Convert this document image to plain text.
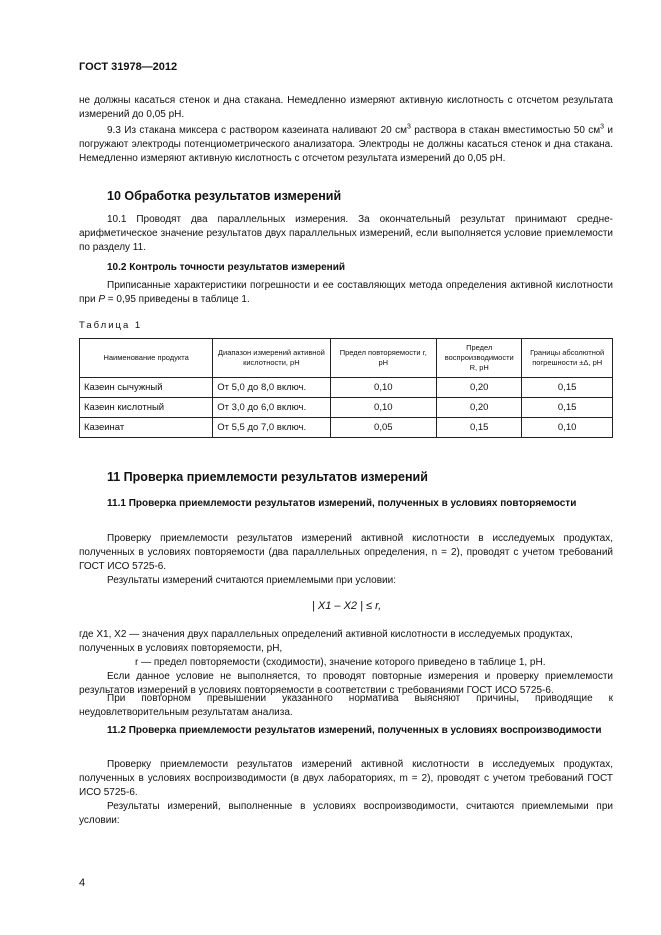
ГОСТ 31978—2012
не должны касаться стенок и дна стакана. Немедленно измеряют активную кислотность с отсчетом результата измерений до 0,05 pH.
9.3 Из стакана миксера с раствором казеината наливают 20 $см^3$ раствора в стакан вместимостью 50 $см^3$ и погружают электроды потенциометрического анализатора. Электроды не должны касаться стенок и дна стакана. Немедленно измеряют активную кислотность с отсчетом результата измерений до 0,05 pH.
10 Обработка результатов измерений
10.1 Проводят два параллельных измерения. За окончательный результат принимают средне-арифметическое значение результатов двух параллельных измерений, если выполняется условие приемлемости по разделу 11.
10.2 Контроль точности результатов измерений
Приписанные характеристики погрешности и ее составляющих метода определения активной кислотности при P = 0,95 приведены в таблице 1.
Таблица 1
Наименование продукта	Диапазон измерений активной кислотности, pH	Предел повторяемости r, pH	Предел воспроизводимости R, pH	Границы абсолютной погрешности ±Δ, pH
Казеин сычужный	От 5,0 до 8,0 включ.	0,10	0,20	0,15
Казеин кислотный	От 3,0 до 6,0 включ.	0,10	0,20	0,15
Казеинат	От 5,5 до 7,0 включ.	0,05	0,15	0,10
11 Проверка приемлемости результатов измерений
11.1 Проверка приемлемости результатов измерений, полученных в условиях повторяемости
Проверку приемлемости результатов измерений активной кислотности в исследуемых продуктах, полученных в условиях повторяемости (два параллельных определения, n = 2), проводят с учетом требований ГОСТ ИСО 5725-6.
Результаты измерений считаются приемлемыми при условии:
| X1 – X2 | ≤ r,
где X1, X2 — значения двух параллельных определений активной кислотности в исследуемых продуктах, полученных в условиях повторяемости, pH,
r — предел повторяемости (сходимости), значение которого приведено в таблице 1, pH.
Если данное условие не выполняется, то проводят повторные измерения и проверку приемлемости результатов измерений в условиях повторяемости в соответствии с требованиями ГОСТ ИСО 5725-6.
При повторном превышении указанного норматива выясняют причины, приводящие к неудовлетворительным результатам анализа.
11.2 Проверка приемлемости результатов измерений, полученных в условиях воспроизводимости
Проверку приемлемости результатов измерений активной кислотности в исследуемых продуктах, полученных в условиях воспроизводимости (в двух лабораториях, m = 2), проводят с учетом требований ГОСТ ИСО 5725-6.
Результаты измерений, выполненные в условиях воспроизводимости, считаются приемлемыми при условии:
4
